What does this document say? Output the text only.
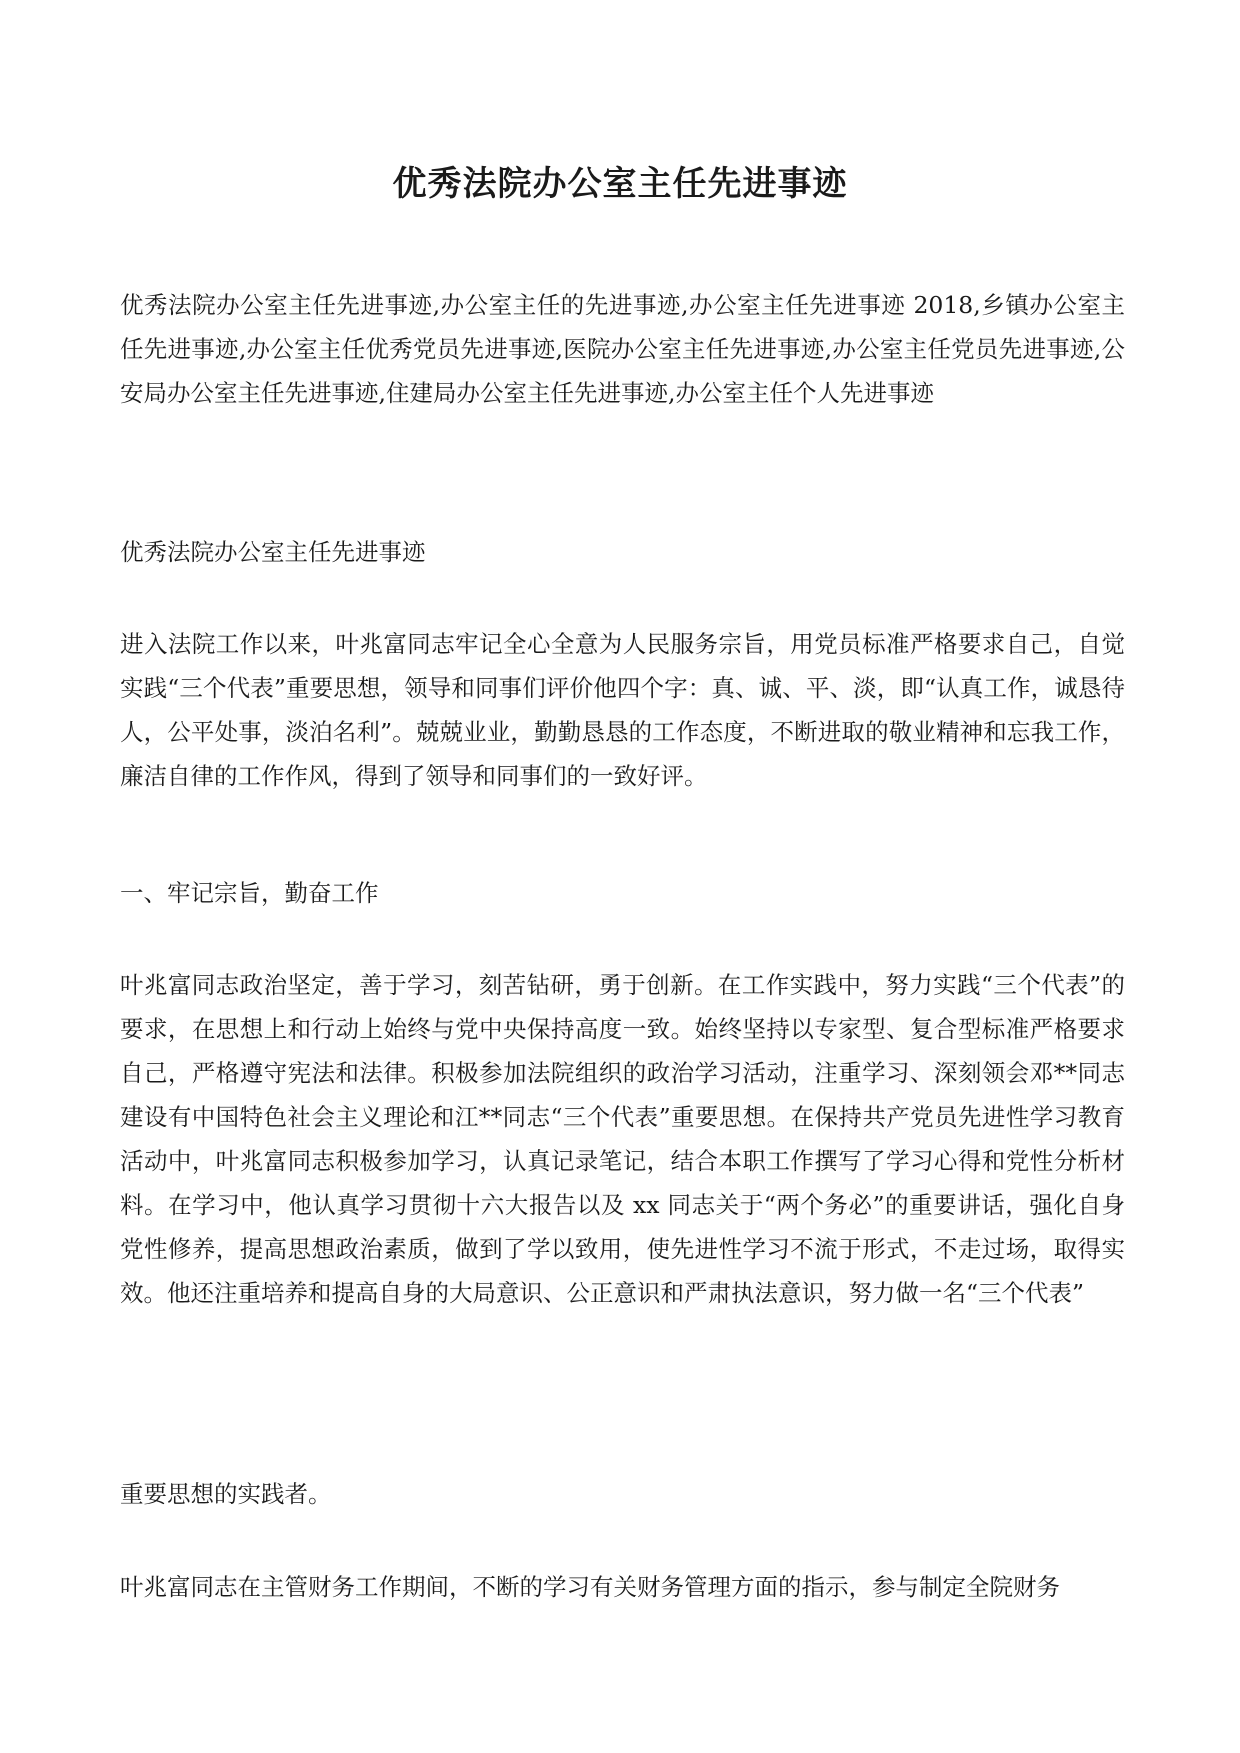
优秀法院办公室主任先进事迹
优秀法院办公室主任先进事迹,办公室主任的先进事迹,办公室主任先进事迹 2018,乡镇办公室主任先进事迹,办公室主任优秀党员先进事迹,医院办公室主任先进事迹,办公室主任党员先进事迹,公安局办公室主任先进事迹,住建局办公室主任先进事迹,办公室主任个人先进事迹
优秀法院办公室主任先进事迹
进入法院工作以来，叶兆富同志牢记全心全意为人民服务宗旨，用党员标准严格要求自己，自觉实践“三个代表”重要思想，领导和同事们评价他四个字：真、诚、平、淡，即“认真工作，诚恳待人，公平处事，淡泊名利”。兢兢业业，勤勤恳恳的工作态度，不断进取的敬业精神和忘我工作，廉洁自律的工作作风，得到了领导和同事们的一致好评。
一、牢记宗旨，勤奋工作
叶兆富同志政治坚定，善于学习，刻苦钻研，勇于创新。在工作实践中，努力实践“三个代表”的要求，在思想上和行动上始终与党中央保持高度一致。始终坚持以专家型、复合型标准严格要求自己，严格遵守宪法和法律。积极参加法院组织的政治学习活动，注重学习、深刻领会邓**同志建设有中国特色社会主义理论和江**同志“三个代表”重要思想。在保持共产党员先进性学习教育活动中，叶兆富同志积极参加学习，认真记录笔记，结合本职工作撰写了学习心得和党性分析材料。在学习中，他认真学习贯彻十六大报告以及 xx 同志关于“两个务必”的重要讲话，强化自身党性修养，提高思想政治素质，做到了学以致用，使先进性学习不流于形式，不走过场，取得实效。他还注重培养和提高自身的大局意识、公正意识和严肃执法意识，努力做一名“三个代表”
重要思想的实践者。
叶兆富同志在主管财务工作期间，不断的学习有关财务管理方面的指示，参与制定全院财务
